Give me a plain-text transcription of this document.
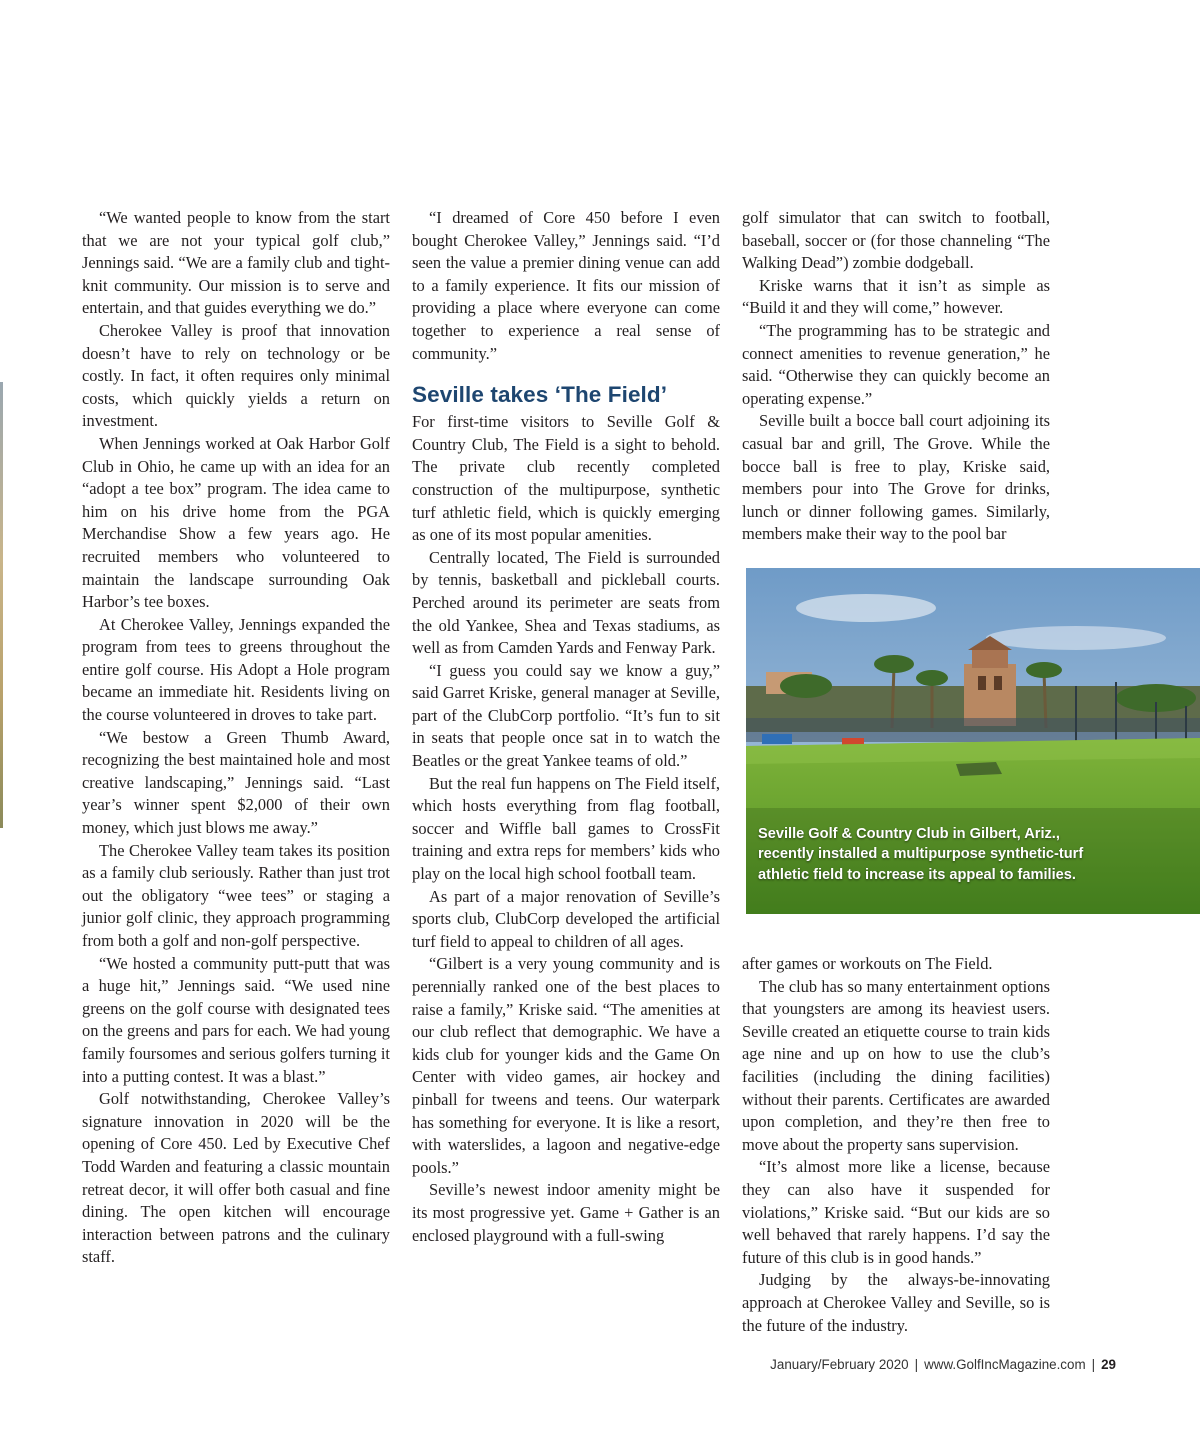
“We wanted people to know from the start that we are not your typical golf club,” Jennings said. “We are a family club and tight-knit community. Our mission is to serve and entertain, and that guides everything we do.”

Cherokee Valley is proof that innovation doesn’t have to rely on technology or be costly. In fact, it often requires only minimal costs, which quickly yields a return on investment.

When Jennings worked at Oak Harbor Golf Club in Ohio, he came up with an idea for an “adopt a tee box” program. The idea came to him on his drive home from the PGA Merchandise Show a few years ago. He recruited members who volunteered to maintain the landscape surrounding Oak Harbor’s tee boxes.

At Cherokee Valley, Jennings expanded the program from tees to greens throughout the entire golf course. His Adopt a Hole program became an immediate hit. Residents living on the course volunteered in droves to take part.

“We bestow a Green Thumb Award, recognizing the best maintained hole and most creative landscaping,” Jennings said. “Last year’s winner spent $2,000 of their own money, which just blows me away.”

The Cherokee Valley team takes its position as a family club seriously. Rather than just trot out the obligatory “wee tees” or staging a junior golf clinic, they approach programming from both a golf and non-golf perspective.

“We hosted a community putt-putt that was a huge hit,” Jennings said. “We used nine greens on the golf course with designated tees on the greens and pars for each. We had young family foursomes and serious golfers turning it into a putting contest. It was a blast.”

Golf notwithstanding, Cherokee Valley’s signature innovation in 2020 will be the opening of Core 450. Led by Executive Chef Todd Warden and featuring a classic mountain retreat decor, it will offer both casual and fine dining. The open kitchen will encourage interaction between patrons and the culinary staff.

“I dreamed of Core 450 before I even bought Cherokee Valley,” Jennings said. “I’d seen the value a premier dining venue can add to a family experience. It fits our mission of providing a place where everyone can come together to experience a real sense of community.”

Seville takes ‘The Field’

For first-time visitors to Seville Golf & Country Club, The Field is a sight to behold. The private club recently completed construction of the multipurpose, synthetic turf athletic field, which is quickly emerging as one of its most popular amenities.

Centrally located, The Field is surrounded by tennis, basketball and pickleball courts. Perched around its perimeter are seats from the old Yankee, Shea and Texas stadiums, as well as from Camden Yards and Fenway Park.

“I guess you could say we know a guy,” said Garret Kriske, general manager at Seville, part of the ClubCorp portfolio. “It’s fun to sit in seats that people once sat in to watch the Beatles or the great Yankee teams of old.”

But the real fun happens on The Field itself, which hosts everything from flag football, soccer and Wiffle ball games to CrossFit training and extra reps for members’ kids who play on the local high school football team.

As part of a major renovation of Seville’s sports club, ClubCorp developed the artificial turf field to appeal to children of all ages.

“Gilbert is a very young community and is perennially ranked one of the best places to raise a family,” Kriske said. “The amenities at our club reflect that demographic. We have a kids club for younger kids and the Game On Center with video games, air hockey and pinball for tweens and teens. Our waterpark has something for everyone. It is like a resort, with waterslides, a lagoon and negative-edge pools.”

Seville’s newest indoor amenity might be its most progressive yet. Game + Gather is an enclosed playground with a full-swing

golf simulator that can switch to football, baseball, soccer or (for those channeling “The Walking Dead”) zombie dodgeball.

Kriske warns that it isn’t as simple as “Build it and they will come,” however.

“The programming has to be strategic and connect amenities to revenue generation,” he said. “Otherwise they can quickly become an operating expense.”

Seville built a bocce ball court adjoining its casual bar and grill, The Grove. While the bocce ball is free to play, Kriske said, members pour into The Grove for drinks, lunch or dinner following games. Similarly, members make their way to the pool bar

after games or workouts on The Field.

The club has so many entertainment options that youngsters are among its heaviest users. Seville created an etiquette course to train kids age nine and up on how to use the club’s facilities (including the dining facilities) without their parents. Certificates are awarded upon completion, and they’re then free to move about the property sans supervision.

“It’s almost more like a license, because they can also have it suspended for violations,” Kriske said. “But our kids are so well behaved that rarely happens. I’d say the future of this club is in good hands.”

Judging by the always-be-innovating approach at Cherokee Valley and Seville, so is the future of the industry.

Seville Golf & Country Club in Gilbert, Ariz., recently installed a multipurpose synthetic-turf athletic field to increase its appeal to families.
January/February 2020 | www.GolfIncMagazine.com | 29
